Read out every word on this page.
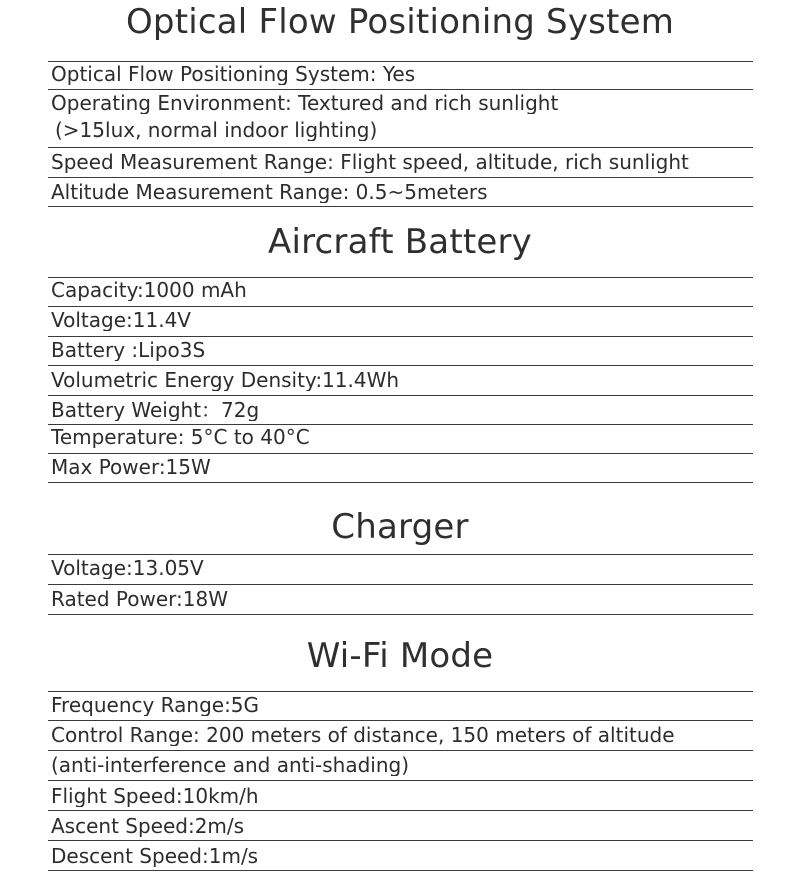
Optical Flow Positioning System
Optical Flow Positioning System: Yes
Operating Environment: Textured and rich sunlight
(>15lux, normal indoor lighting)
Speed Measurement Range: Flight speed, altitude, rich sunlight
Altitude Measurement Range: 0.5~5meters
Aircraft Battery
Capacity:1000 mAh
Voltage:11.4V
Battery :Lipo3S
Volumetric Energy Density:11.4Wh
Battery Weight：72g
Temperature: 5°C to 40°C
Max Power:15W
Charger
Voltage:13.05V
Rated Power:18W
Wi-Fi Mode
Frequency Range:5G
Control Range: 200 meters of distance, 150 meters of altitude
(anti-interference and anti-shading)
Flight Speed:10km/h
Ascent Speed:2m/s
Descent Speed:1m/s
